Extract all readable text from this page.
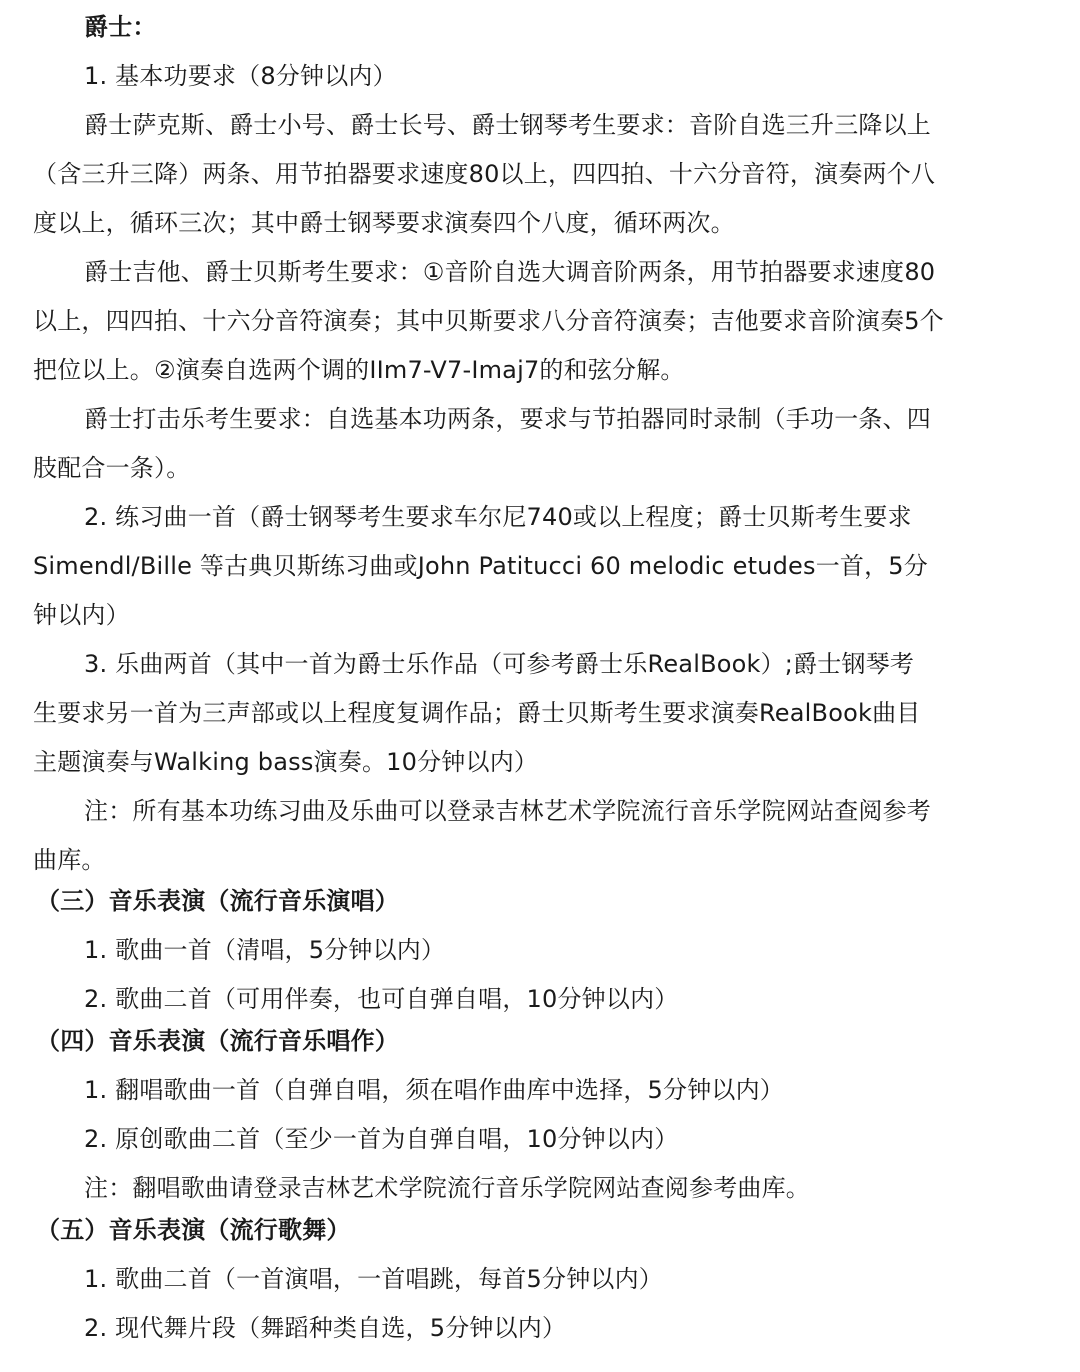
爵士：
1. 基本功要求（8分钟以内）
爵士萨克斯、爵士小号、爵士长号、爵士钢琴考生要求：音阶自选三升三降以上
（含三升三降）两条、用节拍器要求速度80以上，四四拍、十六分音符，演奏两个八
度以上，循环三次；其中爵士钢琴要求演奏四个八度，循环两次。
爵士吉他、爵士贝斯考生要求：①音阶自选大调音阶两条，用节拍器要求速度80
以上，四四拍、十六分音符演奏；其中贝斯要求八分音符演奏；吉他要求音阶演奏5个
把位以上。②演奏自选两个调的IIm7-V7-Imaj7的和弦分解。
爵士打击乐考生要求：自选基本功两条，要求与节拍器同时录制（手功一条、四
肢配合一条）。
2. 练习曲一首（爵士钢琴考生要求车尔尼740或以上程度；爵士贝斯考生要求
Simendl/Bille 等古典贝斯练习曲或John Patitucci 60 melodic etudes一首，5分
钟以内）
3. 乐曲两首（其中一首为爵士乐作品（可参考爵士乐RealBook）;爵士钢琴考
生要求另一首为三声部或以上程度复调作品；爵士贝斯考生要求演奏RealBook曲目
主题演奏与Walking bass演奏。10分钟以内）
注：所有基本功练习曲及乐曲可以登录吉林艺术学院流行音乐学院网站查阅参考
曲库。
（三）音乐表演（流行音乐演唱）
1. 歌曲一首（清唱，5分钟以内）
2. 歌曲二首（可用伴奏，也可自弹自唱，10分钟以内）
（四）音乐表演（流行音乐唱作）
1. 翻唱歌曲一首（自弹自唱，须在唱作曲库中选择，5分钟以内）
2. 原创歌曲二首（至少一首为自弹自唱，10分钟以内）
注：翻唱歌曲请登录吉林艺术学院流行音乐学院网站查阅参考曲库。
（五）音乐表演（流行歌舞）
1. 歌曲二首（一首演唱，一首唱跳，每首5分钟以内）
2. 现代舞片段（舞蹈种类自选，5分钟以内）
